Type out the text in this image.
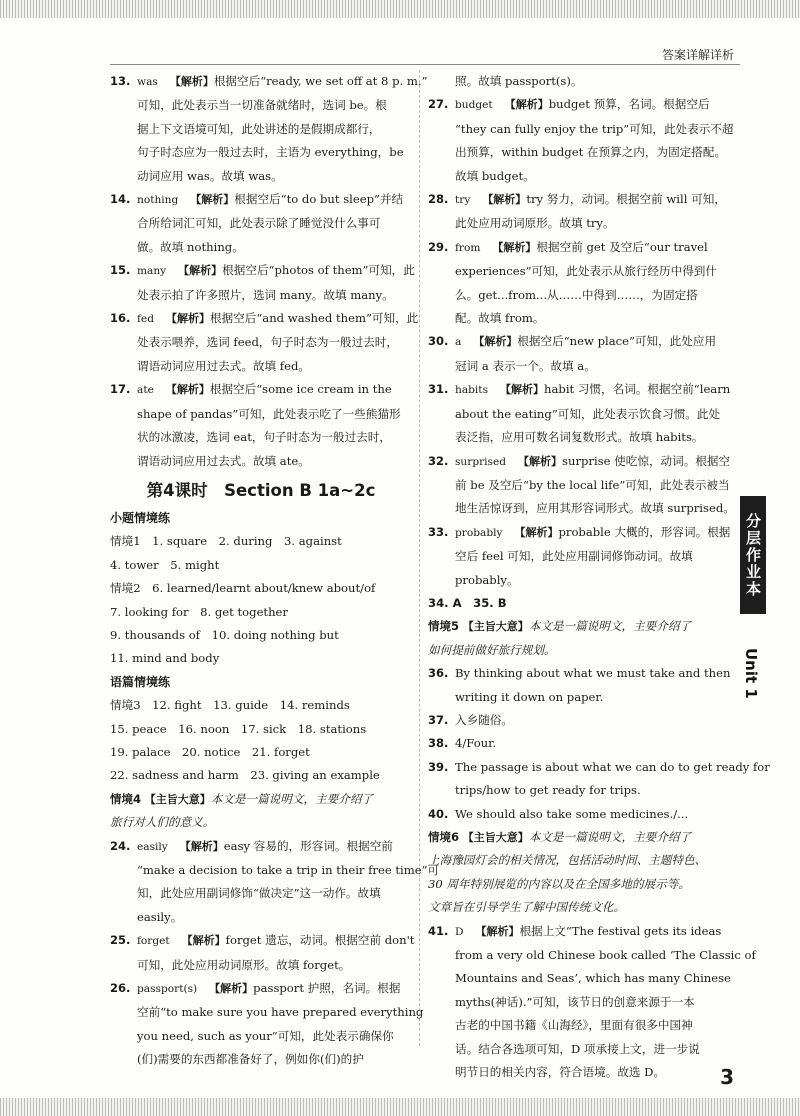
答案详解详析
13. was 【解析】根据空后“ready, we set off at 8 p. m.”
可知，此处表示当一切准备就绪时，选词 be。根
据上下文语境可知，此处讲述的是假期成都行，
句子时态应为一般过去时，主语为 everything，be
动词应用 was。故填 was。
14. nothing 【解析】根据空后“to do but sleep”并结
合所给词汇可知，此处表示除了睡觉没什么事可
做。故填 nothing。
15. many 【解析】根据空后“photos of them”可知，此
处表示拍了许多照片，选词 many。故填 many。
16. fed 【解析】根据空后“and washed them”可知，此
处表示喂养，选词 feed，句子时态为一般过去时，
谓语动词应用过去式。故填 fed。
17. ate 【解析】根据空后“some ice cream in the
shape of pandas”可知，此处表示吃了一些熊猫形
状的冰激凌，选词 eat，句子时态为一般过去时，
谓语动词应用过去式。故填 ate。
第4课时　Section B 1a~2c
小题情境练
情境1　1. square　2. during　3. against
4. tower　5. might
情境2　6. learned/learnt about/knew about/of
7. looking for　8. get together
9. thousands of　10. doing nothing but
11. mind and body
语篇情境练
情境3　12. fight　13. guide　14. reminds
15. peace　16. noon　17. sick　18. stations
19. palace　20. notice　21. forget
22. sadness and harm　23. giving an example
情境4 【主旨大意】本文是一篇说明文，主要介绍了
旅行对人们的意义。
24. easily 【解析】easy 容易的，形容词。根据空前
“make a decision to take a trip in their free time”可
知，此处应用副词修饰“做决定”这一动作。故填
easily。
25. forget 【解析】forget 遗忘，动词。根据空前 don't
可知，此处应用动词原形。故填 forget。
26. passport(s) 【解析】passport 护照，名词。根据
空前“to make sure you have prepared everything
you need, such as your”可知，此处表示确保你
(们)需要的东西都准备好了，例如你(们)的护
照。故填 passport(s)。
27. budget 【解析】budget 预算，名词。根据空后
“they can fully enjoy the trip”可知，此处表示不超
出预算，within budget 在预算之内，为固定搭配。
故填 budget。
28. try 【解析】try 努力，动词。根据空前 will 可知，
此处应用动词原形。故填 try。
29. from 【解析】根据空前 get 及空后“our travel
experiences”可知，此处表示从旅行经历中得到什
么。get...from...从……中得到……，为固定搭
配。故填 from。
30. a 【解析】根据空后“new place”可知，此处应用
冠词 a 表示一个。故填 a。
31. habits 【解析】habit 习惯，名词。根据空前“learn
about the eating”可知，此处表示饮食习惯。此处
表泛指，应用可数名词复数形式。故填 habits。
32. surprised 【解析】surprise 使吃惊，动词。根据空
前 be 及空后“by the local life”可知，此处表示被当
地生活惊讶到，应用其形容词形式。故填 surprised。
33. probably 【解析】probable 大概的，形容词。根据
空后 feel 可知，此处应用副词修饰动词。故填
probably。
34. A　35. B
情境5 【主旨大意】本文是一篇说明文，主要介绍了
如何提前做好旅行规划。
36. By thinking about what we must take and then
writing it down on paper.
37. 入乡随俗。
38. 4/Four.
39. The passage is about what we can do to get ready for
trips/how to get ready for trips.
40. We should also take some medicines./...
情境6 【主旨大意】本文是一篇说明文，主要介绍了
上海豫园灯会的相关情况，包括活动时间、主题特色、
30 周年特别展览的内容以及在全国多地的展示等。
文章旨在引导学生了解中国传统文化。
41. D 【解析】根据上文“The festival gets its ideas
from a very old Chinese book called ‘The Classic of
Mountains and Seas’, which has many Chinese
myths(神话).”可知，该节日的创意来源于一本
古老的中国书籍《山海经》，里面有很多中国神
话。结合各选项可知，D 项承接上文，进一步说
明节日的相关内容，符合语境。故选 D。
分层作业本
Unit 1
3
